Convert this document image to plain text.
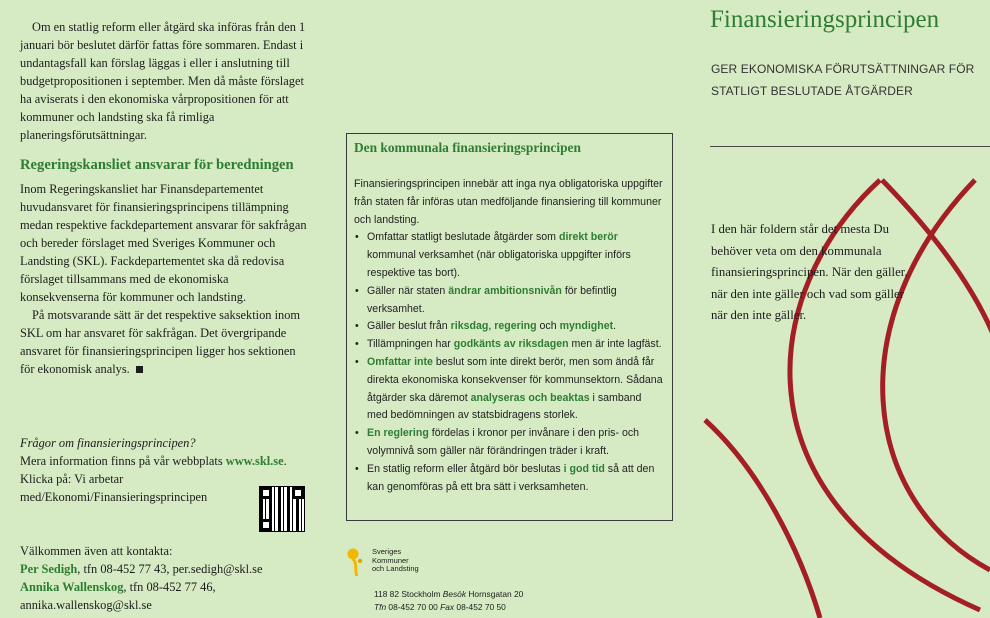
Om en statlig reform eller åtgärd ska införas från den 1 januari bör beslutet därför fattas före sommaren. Endast i undantagsfall kan förslag läggas i eller i anslutning till budgetpropositionen i september. Men då måste förslaget ha aviserats i den ekonomiska vårpropositionen för att kommuner och landsting ska få rimliga planeringsförutsättningar.

Regeringskansliet ansvarar för beredningen

Inom Regeringskansliet har Finansdepartementet huvudansvaret för finansieringsprincipens tillämpning medan respektive fackdepartement ansvarar för sakfrågan och bereder förslaget med Sveriges Kommuner och Landsting (SKL). Fackdepartementet ska då redovisa förslaget tillsammans med de ekonomiska konsekvenserna för kommuner och landsting.

På motsvarande sätt är det respektive saksektion inom SKL om har ansvaret för sakfrågan. Det övergripande ansvaret för finansieringsprincipen ligger hos sektionen för ekonomisk analys.

Frågor om finansieringsprincipen?

Mera information finns på vår webbplats www.skl.se.

Klicka på: Vi arbetar med/Ekonomi/Finansieringsprincipen

Välkommen även att kontakta:

Per Sedigh, tfn 08-452 77 43, per.sedigh@skl.se

Annika Wallenskog, tfn 08-452 77 46,

annika.wallenskog@skl.se

Den kommunala finansieringsprincipen

Finansieringsprincipen innebär att inga nya obligatoriska uppgifter från staten får införas utan medföljande finansiering till kommuner och landsting.

• Omfattar statligt beslutade åtgärder som direkt berör kommunal verksamhet (när obligatoriska uppgifter införs respektive tas bort).
• Gäller när staten ändrar ambitionsnivån för befintlig verksamhet.
• Gäller beslut från riksdag, regering och myndighet.
• Tillämpningen har godkänts av riksdagen men är inte lagfäst.
• Omfattar inte beslut som inte direkt berör, men som ändå får direkta ekonomiska konsekvenser för kommunsektorn. Sådana åtgärder ska däremot analyseras och beaktas i samband med bedömningen av statsbidragens storlek.
• En reglering fördelas i kronor per invånare i den pris- och volymnivå som gäller när förändringen träder i kraft.
• En statlig reform eller åtgärd bör beslutas i god tid så att den kan genomföras på ett bra sätt i verksamheten.
Sveriges
Kommuner
och Landsting
118 82 Stockholm Besök Hornsgatan 20
Tfn 08-452 70 00 Fax 08-452 70 50
Finansieringsprincipen
GER EKONOMISKA FÖRUTSÄTTNINGAR FÖR STATLIGT BESLUTADE ÅTGÄRDER
I den här foldern står det mesta Du behöver veta om den kommunala finansieringsprincipen. När den gäller, när den inte gäller och vad som gäller när den inte gäller.
